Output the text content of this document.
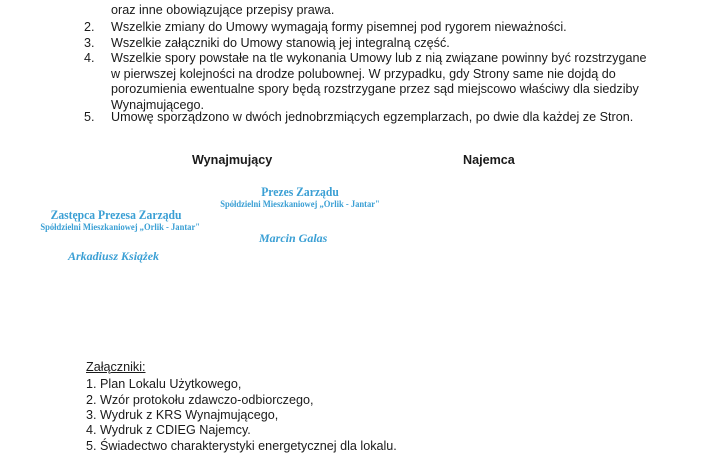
oraz inne obowiązujące przepisy prawa.
2.	Wszelkie zmiany do Umowy wymagają formy pisemnej pod rygorem nieważności.
3.	Wszelkie załączniki do Umowy stanowią jej integralną część.
4.	Wszelkie spory powstałe na tle wykonania Umowy lub z nią związane powinny być rozstrzygane
w pierwszej kolejności na drodze polubownej. W przypadku, gdy Strony same nie dojdą do
porozumienia ewentualne spory będą rozstrzygane przez sąd miejscowo właściwy dla siedziby
Wynajmującego.
5.	Umowę sporządzono w dwóch jednobrzmiących egzemplarzach, po dwie dla każdej ze Stron.
Wynajmujący	Najemca
Prezes Zarządu
Spółdzielni Mieszkaniowej „Orlik - Jantar"
Marcin Galas
Zastępca Prezesa Zarządu
Spółdzielni Mieszkaniowej „Orlik - Jantar"
Arkadiusz Książek
Załączniki:
1. Plan Lokalu Użytkowego,
2. Wzór protokołu zdawczo-odbiorczego,
3. Wydruk z KRS Wynajmującego,
4. Wydruk z CDIEG Najemcy.
5. Świadectwo charakterystyki energetycznej dla lokalu.
